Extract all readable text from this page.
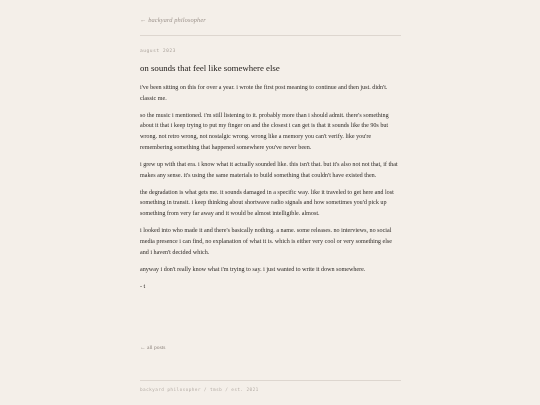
← backyard philosopher
august 2023
on sounds that feel like somewhere else

i've been sitting on this for over a year. i wrote the first post meaning to continue and then just. didn't. classic me.

so the music i mentioned. i'm still listening to it. probably more than i should admit. there's something about it that i keep trying to put my finger on and the closest i can get is that it sounds like the 90s but wrong. not retro wrong, not nostalgic wrong. wrong like a memory you can't verify. like you're remembering something that happened somewhere you've never been.

i grew up with that era. i know what it actually sounded like. this isn't that. but it's also not not that, if that makes any sense. it's using the same materials to build something that couldn't have existed then.

the degradation is what gets me. it sounds damaged in a specific way. like it traveled to get here and lost something in transit. i keep thinking about shortwave radio signals and how sometimes you'd pick up something from very far away and it would be almost intelligible. almost.

i looked into who made it and there's basically nothing. a name. some releases. no interviews, no social media presence i can find, no explanation of what it is. which is either very cool or very something else and i haven't decided which.

anyway i don't really know what i'm trying to say. i just wanted to write it down somewhere.

- t

← all posts
backyard philosopher / tmsb / est. 2021
